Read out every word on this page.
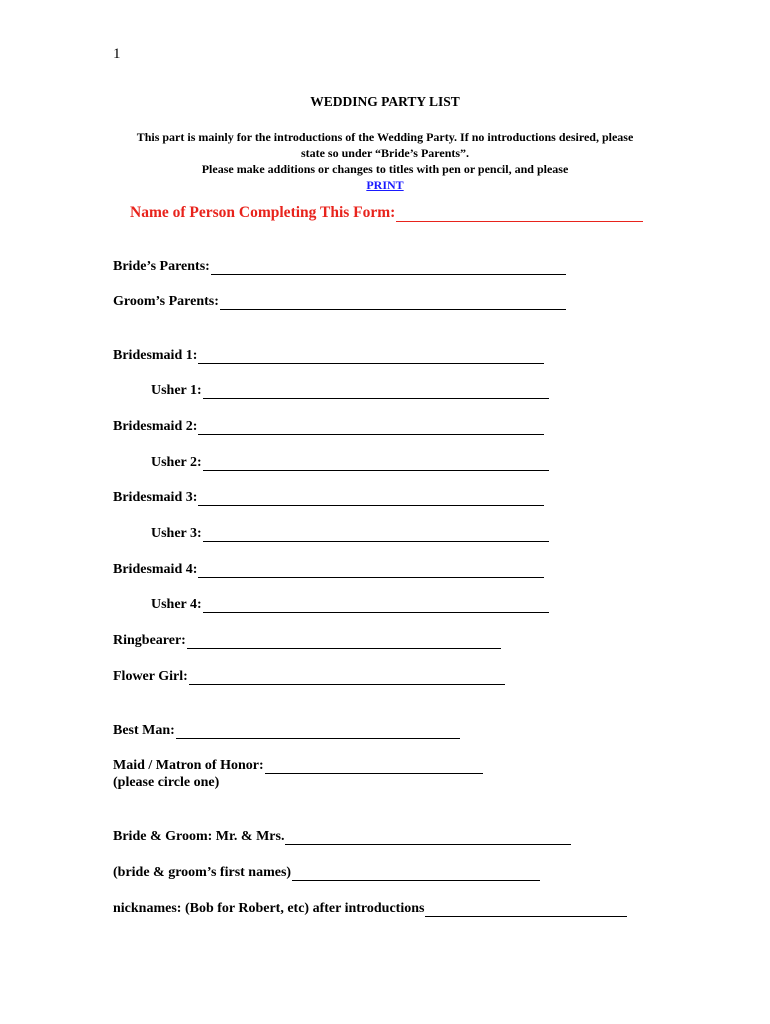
1
WEDDING PARTY LIST
This part is mainly for the introductions of the Wedding Party. If no introductions desired, please
state so under “Bride’s Parents”.
Please make additions or changes to titles with pen or pencil, and please
PRINT
Name of Person Completing This Form:
Bride’s Parents:
Groom’s Parents:
Bridesmaid 1:
Usher 1:
Bridesmaid 2:
Usher 2:
Bridesmaid 3:
Usher 3:
Bridesmaid 4:
Usher 4:
Ringbearer:
Flower Girl:
Best Man:
Maid / Matron of Honor:
(please circle one)
Bride & Groom: Mr. & Mrs.
(bride & groom’s first names)
nicknames: (Bob for Robert, etc) after introductions
